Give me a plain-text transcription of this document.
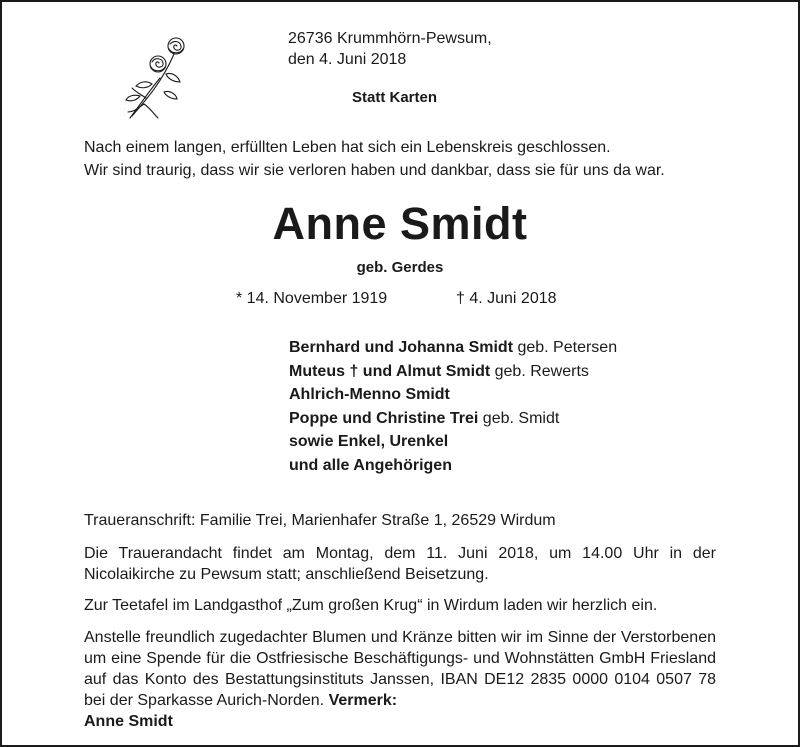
26736 Krummhörn-Pewsum,
den 4. Juni 2018
Statt Karten
Nach einem langen, erfüllten Leben hat sich ein Lebenskreis geschlossen.
Wir sind traurig, dass wir sie verloren haben und dankbar, dass sie für uns da war.
Anne Smidt
geb. Gerdes
* 14. November 1919	† 4. Juni 2018
Bernhard und Johanna Smidt geb. Petersen
Muteus † und Almut Smidt geb. Rewerts
Ahlrich-Menno Smidt
Poppe und Christine Trei geb. Smidt
sowie Enkel, Urenkel
und alle Angehörigen
Traueranschrift: Familie Trei, Marienhafer Straße 1, 26529 Wirdum
Die Trauerandacht findet am Montag, dem 11. Juni 2018, um 14.00 Uhr in der Nicolaikirche zu Pewsum statt; anschließend Beisetzung.
Zur Teetafel im Landgasthof „Zum großen Krug“ in Wirdum laden wir herzlich ein.
Anstelle freundlich zugedachter Blumen und Kränze bitten wir im Sinne der Verstorbenen um eine Spende für die Ostfriesische Beschäftigungs- und Wohnstätten GmbH Friesland auf das Konto des Bestattungsinstituts Janssen, IBAN DE12 2835 0000 0104 0507 78 bei der Sparkasse Aurich-Norden. Vermerk:
Anne Smidt
